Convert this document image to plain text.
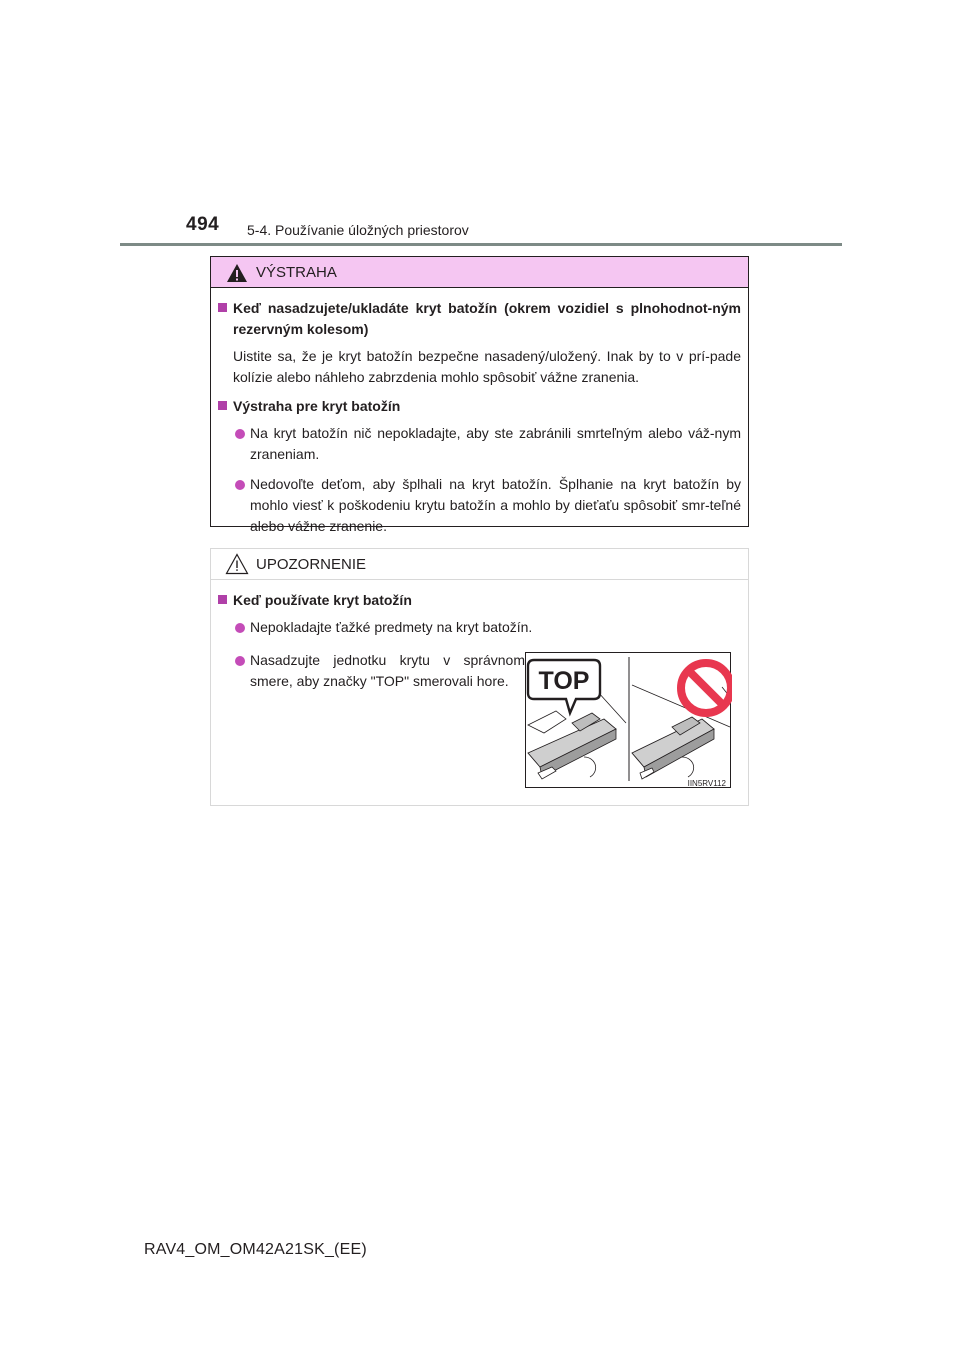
494 5-4. Používanie úložných priestorov
VÝSTRAHA
Keď nasadzujete/ukladáte kryt batožín (okrem vozidiel s plnohodnot-ným rezervným kolesom)
Uistite sa, že je kryt batožín bezpečne nasadený/uložený. Inak by to v prí-pade kolízie alebo náhleho zabrzdenia mohlo spôsobiť vážne zranenia.
Výstraha pre kryt batožín
Na kryt batožín nič nepokladajte, aby ste zabránili smrteľným alebo váž-nym zraneniam.
Nedovoľte deťom, aby šplhali na kryt batožín. Šplhanie na kryt batožín by mohlo viesť k poškodeniu krytu batožín a mohlo by dieťaťu spôsobiť smr-teľné alebo vážne zranenie.
UPOZORNENIE
Keď používate kryt batožín
Nepokladajte ťažké predmety na kryt batožín.
Nasadzujte jednotku krytu v správnom smere, aby značky "TOP" smerovali hore.	TOP
IIN5RV112
RAV4_OM_OM42A21SK_(EE)
